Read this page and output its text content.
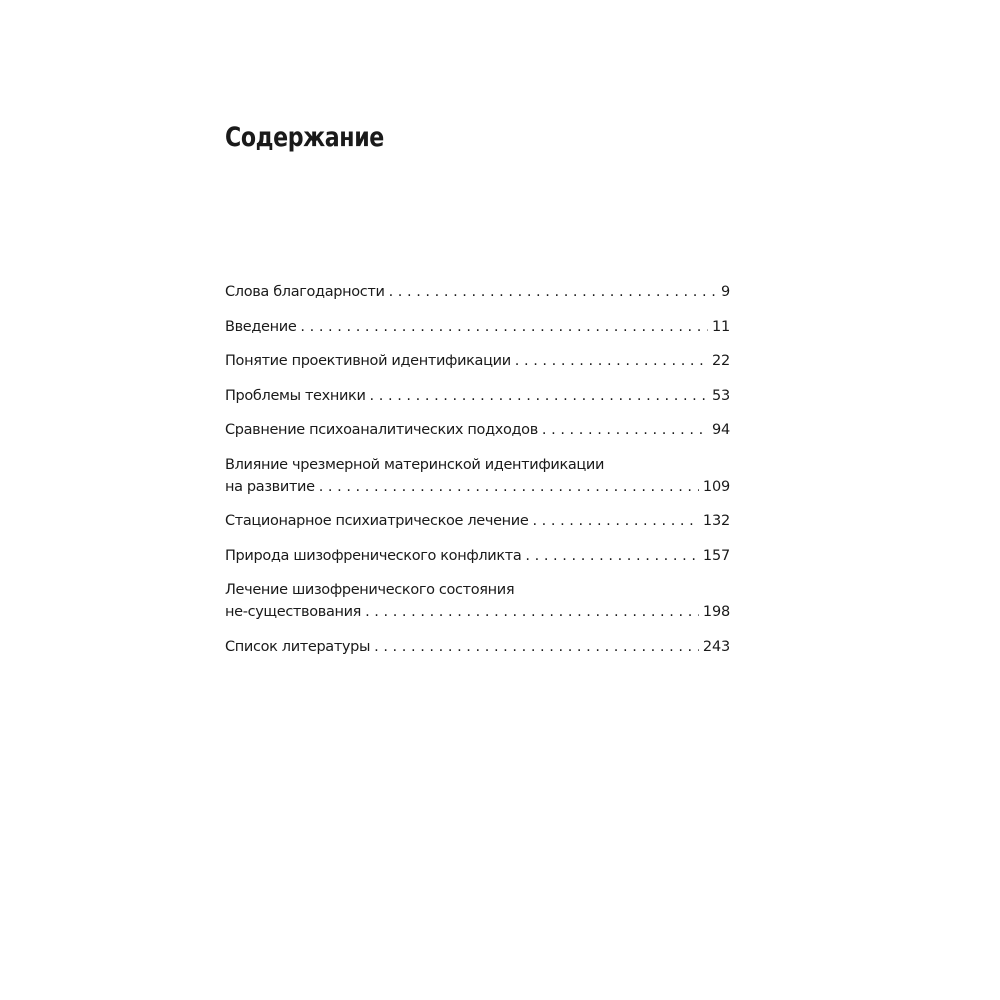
Содержание
Слова благодарности . . .	9
Введение . . .	11
Понятие проективной идентификации . . .	22
Проблемы техники . . .	53
Сравнение психоаналитических подходов . . .	94
Влияние чрезмерной материнской идентификации
на развитие . . .	109
Стационарное психиатрическое лечение . . .	132
Природа шизофренического конфликта . . .	157
Лечение шизофренического состояния
не-существования . . .	198
Список литературы . . .	243
